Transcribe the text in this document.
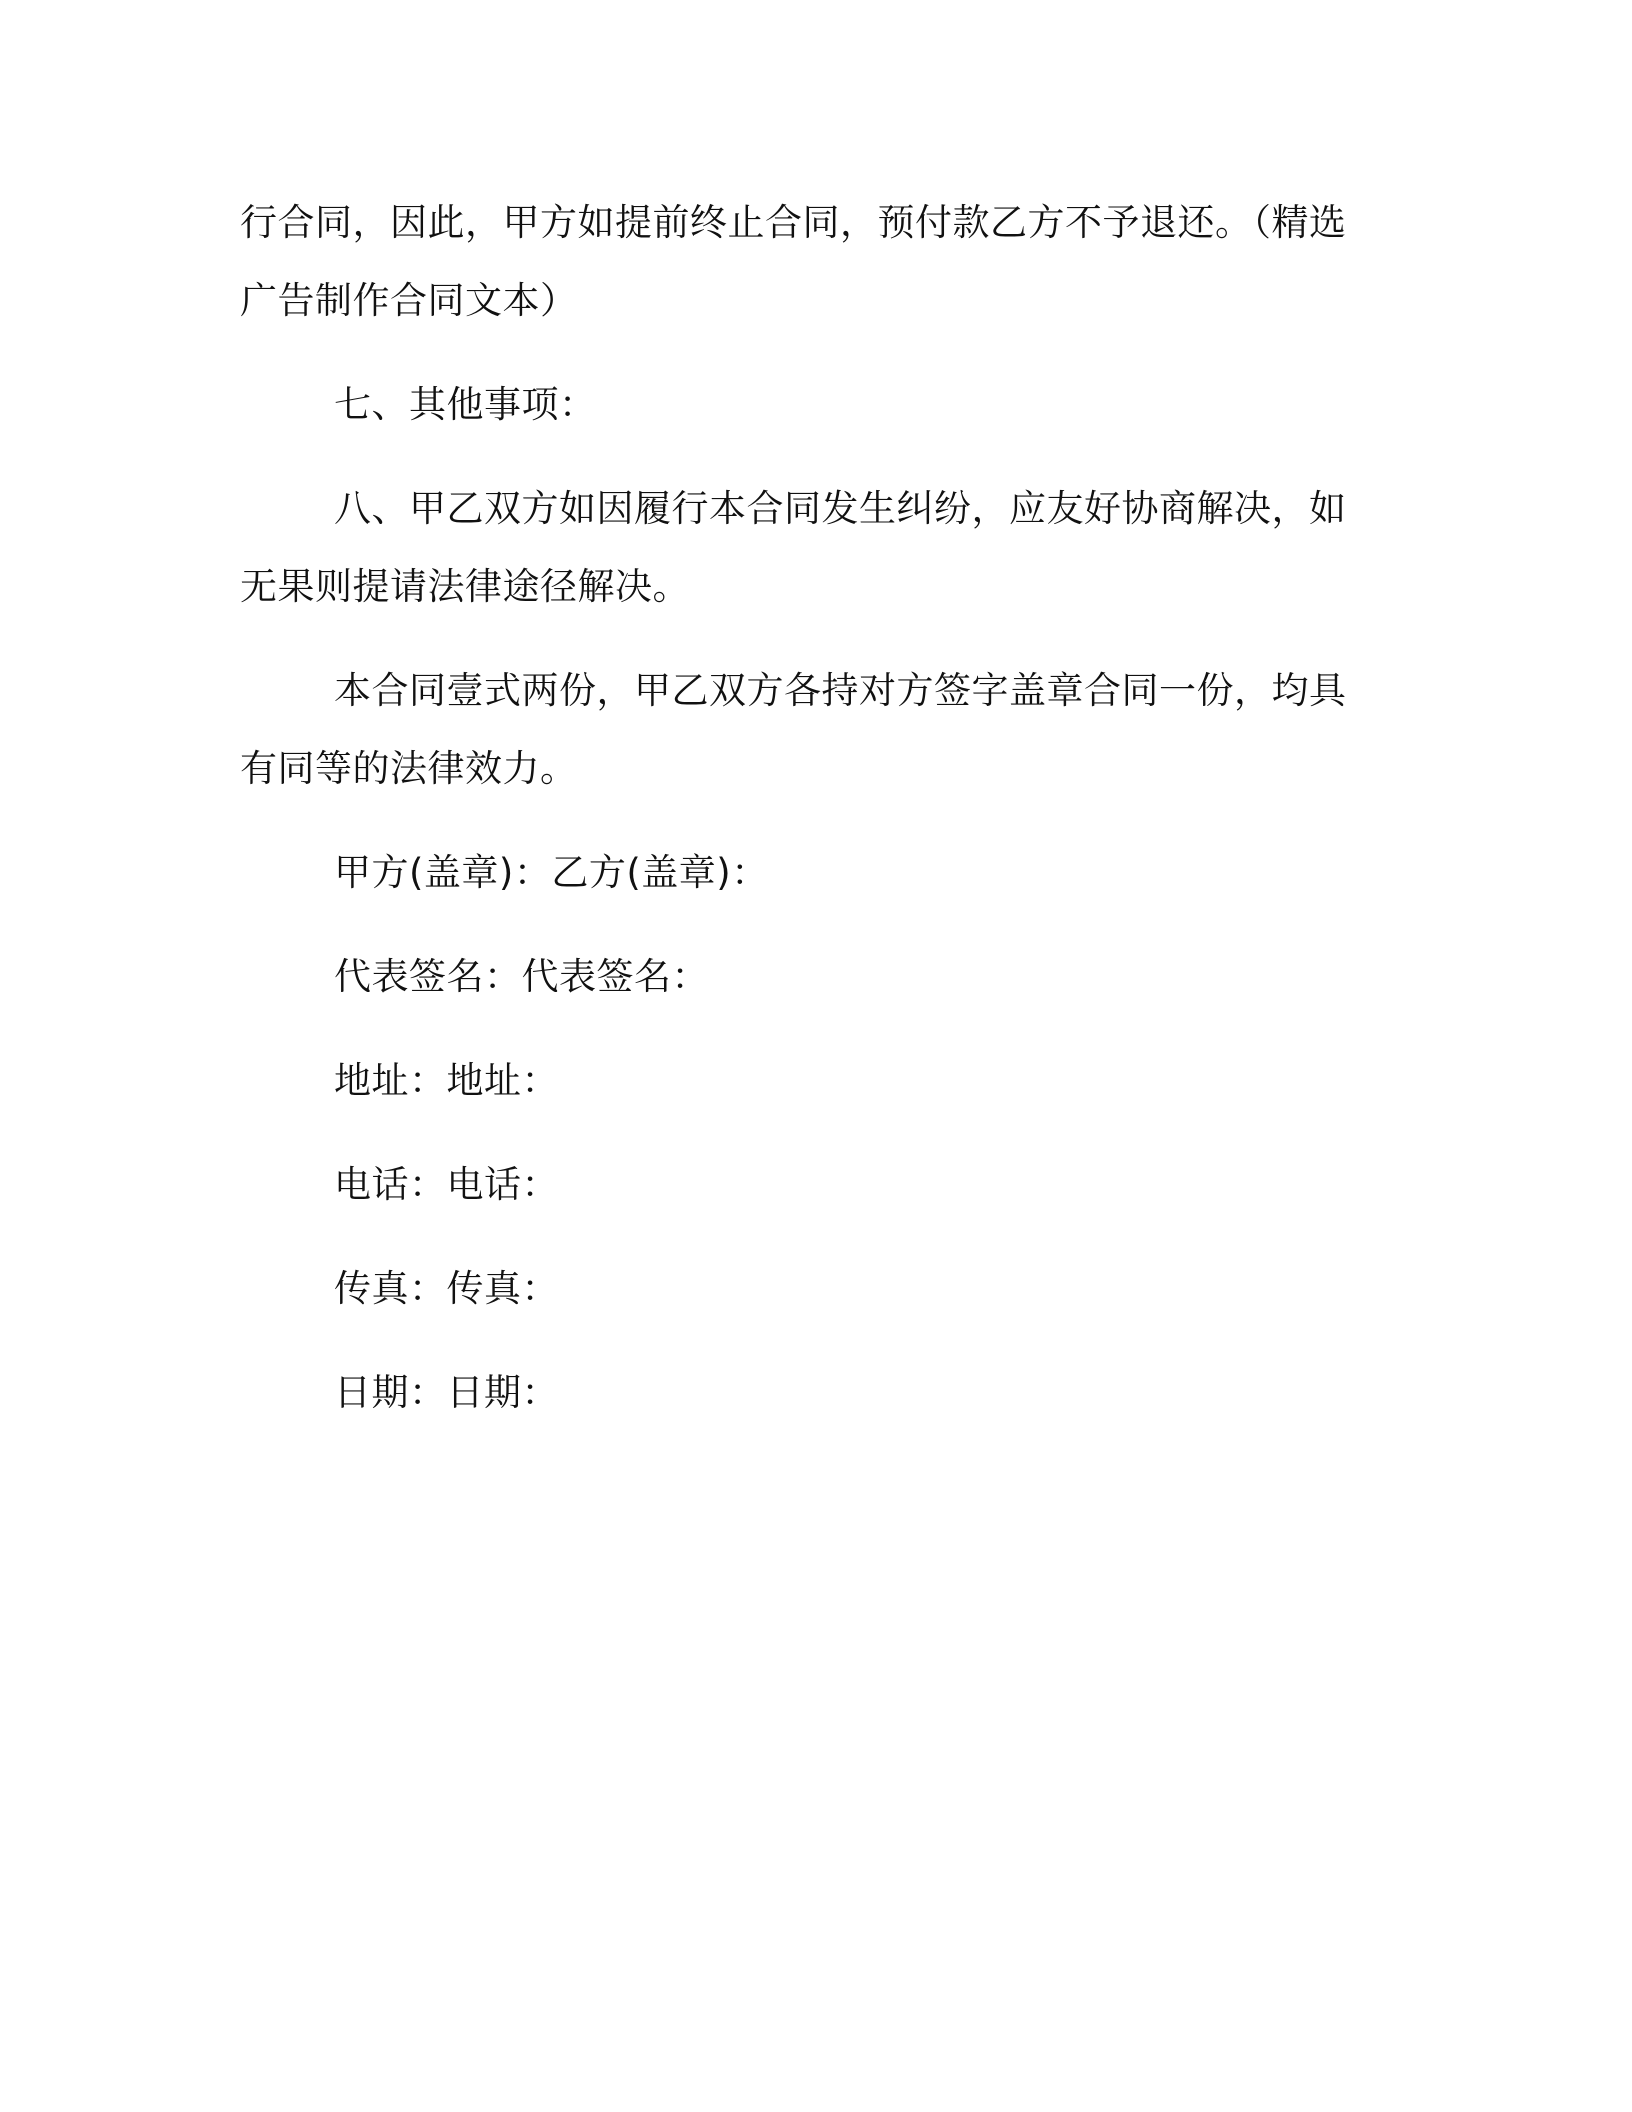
行合同，因此，甲方如提前终止合同，预付款乙方不予退还。（精选广告制作合同文本）

七、其他事项：

八、甲乙双方如因履行本合同发生纠纷，应友好协商解决，如无果则提请法律途径解决。

本合同壹式两份，甲乙双方各持对方签字盖章合同一份，均具有同等的法律效力。

甲方(盖章)：乙方(盖章)：

代表签名：代表签名：

地址：地址：

电话：电话：

传真：传真：

日期：日期：
